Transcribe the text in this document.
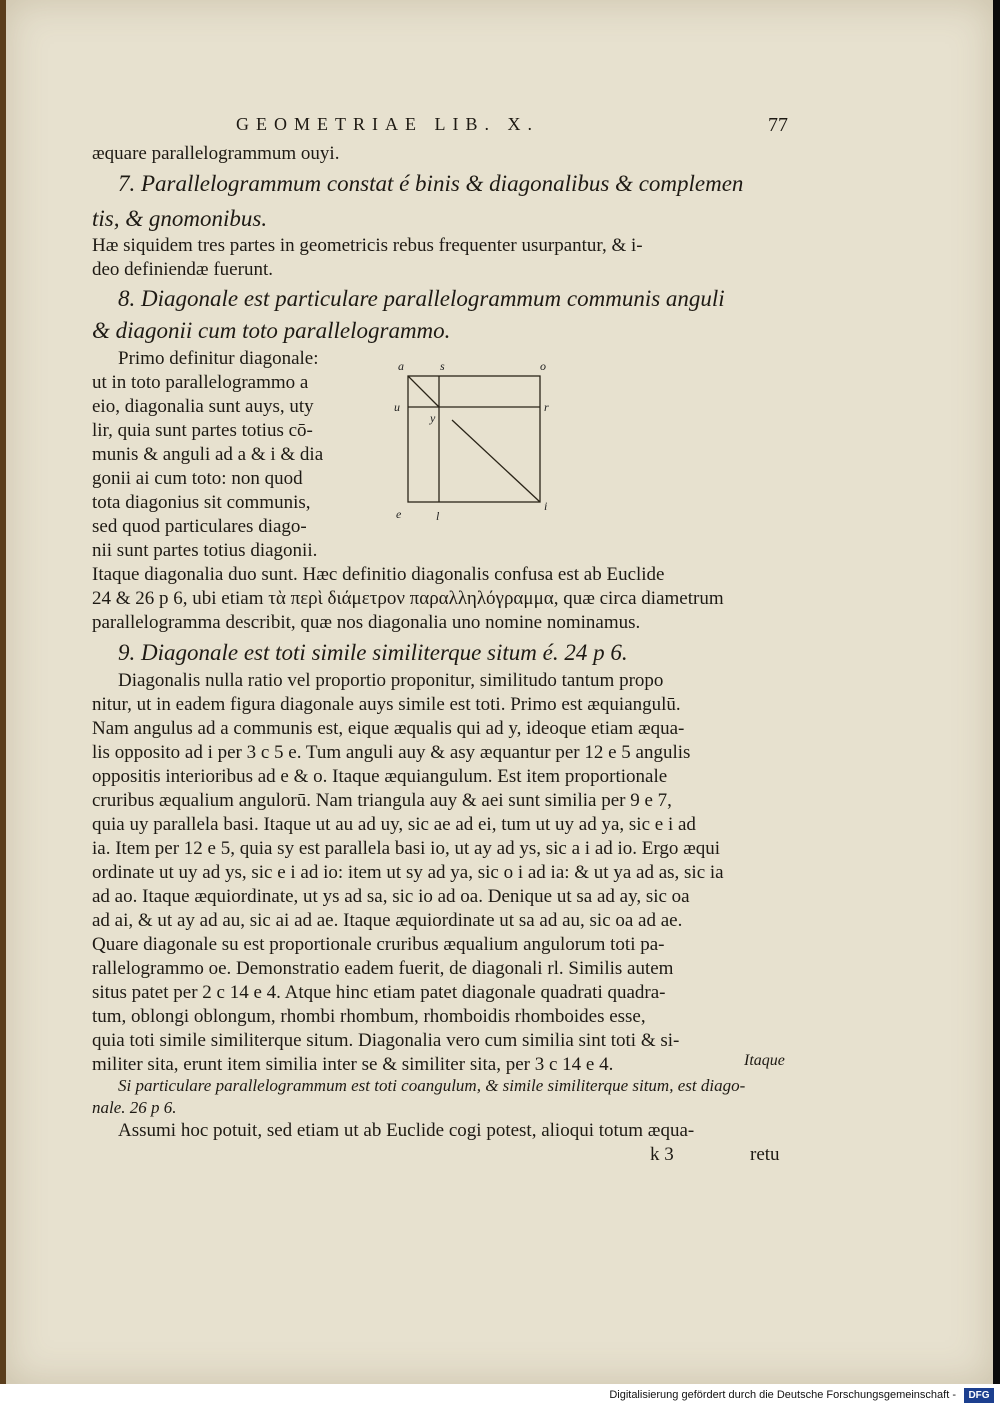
GEOMETRIAE LIB. X.	77
æquare parallelogrammum ouyi.
7. Parallelogrammum constat é binis & diagonalibus & complemen
tis, & gnomonibus.
Hæ siquidem tres partes in geometricis rebus frequenter usurpantur, & i-
deo definiendæ fuerunt.
8. Diagonale est particulare parallelogrammum communis anguli
& diagonii cum toto parallelogrammo.
Primo definitur diagonale:
ut in toto parallelogrammo a
eio, diagonalia sunt auys, uty
lir, quia sunt partes totius cō-
munis & anguli ad a & i & dia
gonii ai cum toto: non quod
tota diagonius sit communis,
sed quod particulares diago-
nii sunt partes totius diagonii.
Itaque diagonalia duo sunt. Hæc definitio diagonalis confusa est ab Euclide
24 & 26 p 6, ubi etiam τὰ περὶ διάμετρον παραλληλόγραμμα, quæ circa diametrum
parallelogramma describit, quæ nos diagonalia uno nomine nominamus.
9. Diagonale est toti simile similiterque situm é. 24 p 6.
Diagonalis nulla ratio vel proportio proponitur, similitudo tantum propo
nitur, ut in eadem figura diagonale auys simile est toti. Primo est æquiangulū.
Nam angulus ad a communis est, eique æqualis qui ad y, ideoque etiam æqua-
lis opposito ad i per 3 c 5 e. Tum anguli auy & asy æquantur per 12 e 5 angulis
oppositis interioribus ad e & o. Itaque æquiangulum. Est item proportionale
cruribus æqualium angulorū. Nam triangula auy & aei sunt similia per 9 e 7,
quia uy parallela basi. Itaque ut au ad uy, sic ae ad ei, tum ut uy ad ya, sic e i ad
ia. Item per 12 e 5, quia sy est parallela basi io, ut ay ad ys, sic a i ad io. Ergo æqui
ordinate ut uy ad ys, sic e i ad io: item ut sy ad ya, sic o i ad ia: & ut ya ad as, sic ia
ad ao. Itaque æquiordinate, ut ys ad sa, sic io ad oa. Denique ut sa ad ay, sic oa
ad ai, & ut ay ad au, sic ai ad ae. Itaque æquiordinate ut sa ad au, sic oa ad ae.
Quare diagonale su est proportionale cruribus æqualium angulorum toti pa-
rallelogrammo oe. Demonstratio eadem fuerit, de diagonali rl. Similis autem
situs patet per 2 c 14 e 4. Atque hinc etiam patet diagonale quadrati quadra-
tum, oblongi oblongum, rhombi rhombum, rhomboidis rhomboides esse,
quia toti simile similiterque situm. Diagonalia vero cum similia sint toti & si-
militer sita, erunt item similia inter se & similiter sita, per 3 c 14 e 4.	Itaque
Si particulare parallelogrammum est toti coangulum, & simile similiterque situm, est diago-
nale. 26 p 6.
Assumi hoc potuit, sed etiam ut ab Euclide cogi potest, alioqui totum æqua-
k 3	retu
a	s	o
u	r
y
e	l
i
Digitalisierung gefördert durch die Deutsche Forschungsgemeinschaft -	DFG
